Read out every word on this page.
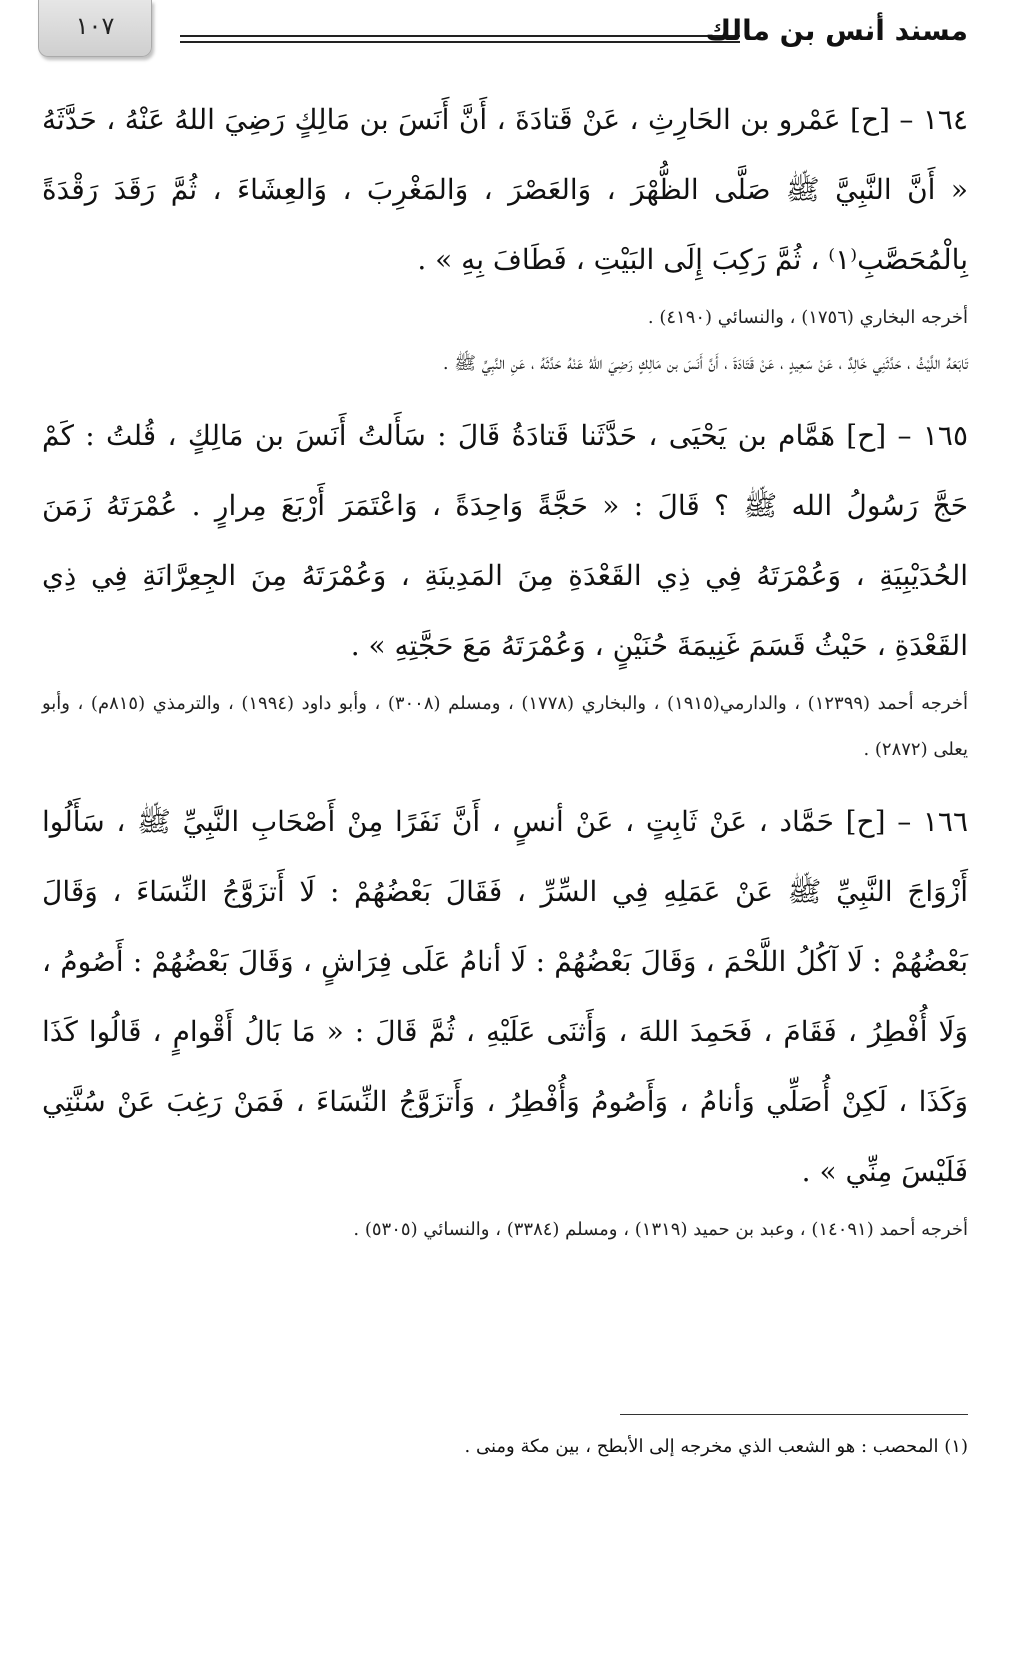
١٠٧	مسند أنس بن مالك

١٦٤ – [ح] عَمْرو بن الحَارِثِ ، عَنْ قَتادَةَ ، أَنَّ أَنَسَ بن مَالِكٍ رَضِيَ اللهُ عَنْهُ ، حَدَّثَهُ « أَنَّ النَّبِيَّ ﷺ صَلَّى الظُّهْرَ ، وَالعَصْرَ ، وَالمَغْرِبَ ، وَالعِشَاءَ ، ثُمَّ رَقَدَ رَقْدَةً بِالْمُحَصَّبِ⁽١⁾ ، ثُمَّ رَكِبَ إِلَى البَيْتِ ، فَطَافَ بِهِ » .

أخرجه البخاري (١٧٥٦) ، والنسائي (٤١٩٠) .

تَابَعَهُ اللَّيْثُ ، حَدَّثَنِي خَالِدٌ ، عَنْ سَعِيدٍ ، عَنْ قَتَادَةَ ، أَنَّ أَنَسَ بن مَالِكٍ رَضِيَ اللهُ عَنْهُ حَدَّثَهُ ، عَنِ النَّبِيِّ ﷺ .

١٦٥ – [ح] هَمَّام بن يَحْيَى ، حَدَّثَنا قَتادَةُ قَالَ : سَأَلتُ أَنَسَ بن مَالِكٍ ، قُلتُ : كَمْ حَجَّ رَسُولُ الله ﷺ ؟ قَالَ : « حَجَّةً وَاحِدَةً ، وَاعْتَمَرَ أَرْبَعَ مِرارٍ . عُمْرَتَهُ زَمَنَ الحُدَيْبِيَةِ ، وَعُمْرَتَهُ فِي ذِي القَعْدَةِ مِنَ المَدِينَةِ ، وَعُمْرَتَهُ مِنَ الجِعِرَّانَةِ فِي ذِي القَعْدَةِ ، حَيْثُ قَسَمَ غَنِيمَةَ حُنَيْنٍ ، وَعُمْرَتَهُ مَعَ حَجَّتِهِ » .

أخرجه أحمد (١٢٣٩٩) ، والدارمي(١٩١٥) ، والبخاري (١٧٧٨) ، ومسلم (٣٠٠٨) ، وأبو داود (١٩٩٤) ، والترمذي (٨١٥م) ، وأبو يعلى (٢٨٧٢) .

١٦٦ – [ح] حَمَّاد ، عَنْ ثَابِتٍ ، عَنْ أنسٍ ، أَنَّ نَفَرًا مِنْ أَصْحَابِ النَّبِيِّ ﷺ ، سَأَلُوا أَزْوَاجَ النَّبِيِّ ﷺ عَنْ عَمَلِهِ فِي السِّرِّ ، فَقَالَ بَعْضُهُمْ : لَا أَتزَوَّجُ النِّسَاءَ ، وَقَالَ بَعْضُهُمْ : لَا آكُلُ اللَّحْمَ ، وَقَالَ بَعْضُهُمْ : لَا أنامُ عَلَى فِرَاشٍ ، وَقَالَ بَعْضُهُمْ : أَصُومُ ، وَلَا أُفْطِرُ ، فَقَامَ ، فَحَمِدَ اللهَ ، وَأَثنَى عَلَيْهِ ، ثُمَّ قَالَ : « مَا بَالُ أَقْوامٍ ، قَالُوا كَذَا وَكَذَا ، لَكِنْ أُصَلِّي وَأنامُ ، وَأَصُومُ وَأُفْطِرُ ، وَأَتزَوَّجُ النِّسَاءَ ، فَمَنْ رَغِبَ عَنْ سُنَّتِي فَلَيْسَ مِنِّي » .

أخرجه أحمد (١٤٠٩١) ، وعبد بن حميد (١٣١٩) ، ومسلم (٣٣٨٤) ، والنسائي (٥٣٠٥) .

(١) المحصب : هو الشعب الذي مخرجه إلى الأبطح ، بين مكة ومنى .
